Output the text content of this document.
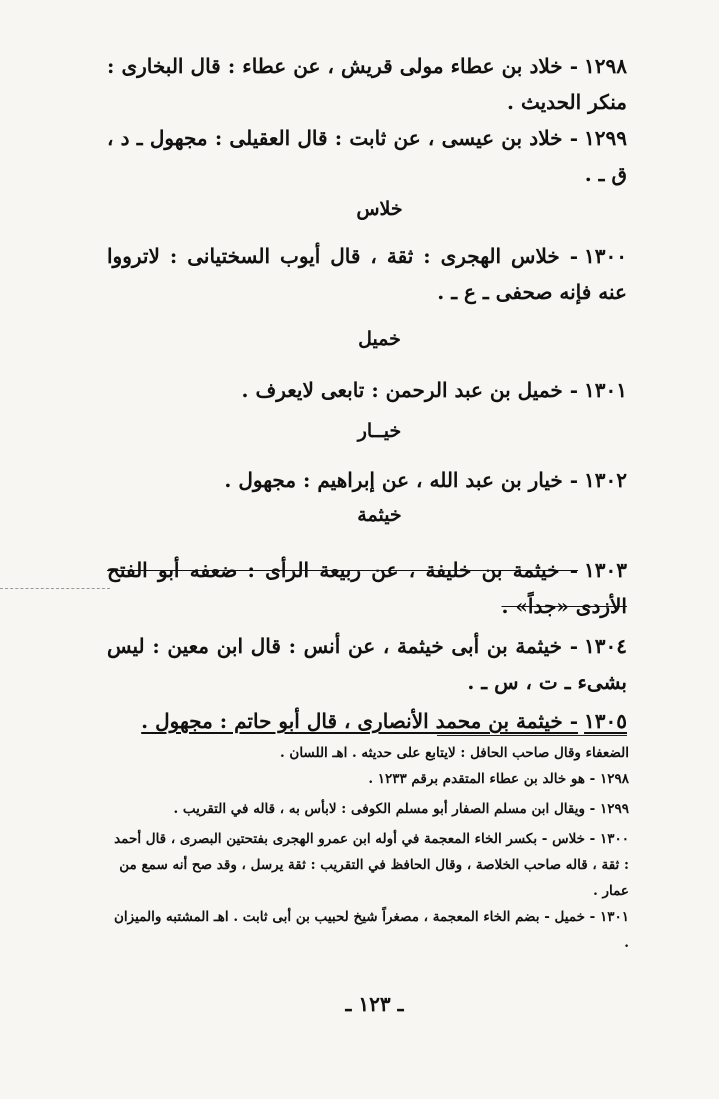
١٢٩٨- خلاد بن عطاء مولى قريش ، عن عطاء : قال البخارى : منكر الحديث .
١٢٩٩- خلاد بن عيسى ، عن ثابت : قال العقيلى : مجهول ـ د ، ق ـ .
خلاس
١٣٠٠- خلاس الهجرى : ثقة ، قال أيوب السختيانى : لاترووا عنه فإنه صحفى ـ ع ـ .
خميل
١٣٠١- خميل بن عبد الرحمن : تابعى لايعرف .
خيــار
١٣٠٢- خيار بن عبد الله ، عن إبراهيم : مجهول .
خيثمة
١٣٠٣- خيثمة بن خليفة ، عن ربيعة الرأى : ضعفه أبو الفتح الأزدى «جداً» .
١٣٠٤- خيثمة بن أبى خيثمة ، عن أنس : قال ابن معين : ليس بشىء ـ ت ، س ـ .
١٣٠٥- خيثمة بن محمد الأنصارى ، قال أبو حاتم : مجهول .
الضعفاء وقال صاحب الحافل : لايتابع على حديثه . اهـ اللسان .
١٢٩٨ - هو خالد بن عطاء المتقدم برقم ١٢٣٣ .
١٢٩٩ - ويقال ابن مسلم الصفار أبو مسلم الكوفى : لابأس به ، قاله في التقريب .
١٣٠٠ - خلاس - بكسر الخاء المعجمة في أوله ابن عمرو الهجرى بفتحتين البصرى ، قال أحمد : ثقة ، قاله صاحب الخلاصة ، وقال الحافظ في التقريب : ثقة يرسل ، وقد صح أنه سمع من عمار .
١٣٠١ - خميل - بضم الخاء المعجمة ، مصغراً شيخ لحبيب بن أبى ثابت . اهـ المشتبه والميزان .
ـ ١٢٣ ـ
